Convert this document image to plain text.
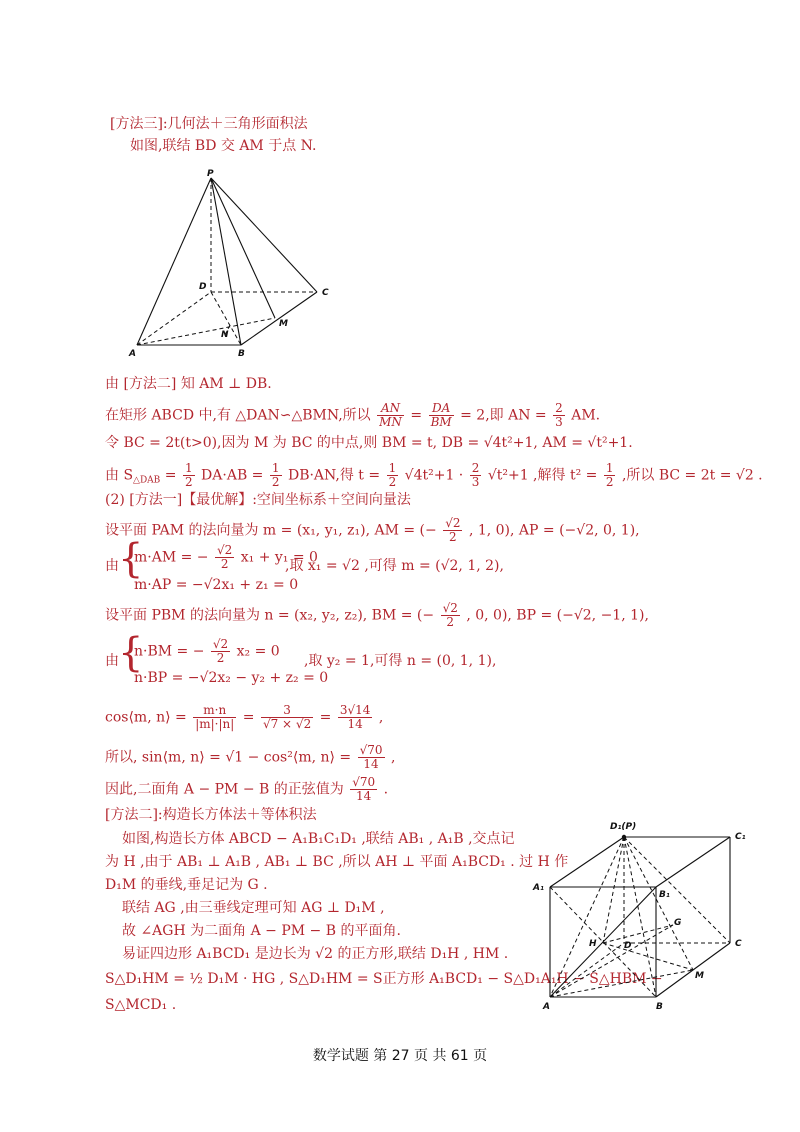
[方法三]:几何法＋三角形面积法
如图,联结 BD 交 AM 于点 N.
P
D
C
M
N
A	B
由 [方法二] 知 AM ⊥ DB.
在矩形 ABCD 中,有 △DAN∽△BMN,所以 $\frac{AN}{MN} = \frac{DA}{BM} = 2$,即 AN = $\frac{2}{3}$ AM.
令 BC = 2t(t>0),因为 M 为 BC 的中点,则 BM = t, DB = √4t²+1, AM = √t²+1.
由 $S_{\triangle DAB} = \frac{1}{2} DA\cdot AB = \frac{1}{2} DB\cdot AN$,得 $t = \frac{1}{2} √4t^2+1 \cdot \frac{2}{3} √t^2+1$ ,解得 $t^2 = \frac{1}{2}$ ,所以 BC = 2t = √2 .
(2) [方法一]【最优解】:空间坐标系＋空间向量法
设平面 PAM 的法向量为 m = (x₁, y₁, z₁), AM = (− $\frac{√2}{2}$ , 1, 0), AP = (−√2, 0, 1),
由 {
m·AM = − $\frac{√2}{2} x_1 + y_1 = 0$
m·AP = −√2x₁ + z₁ = 0
,取 x₁ = √2 ,可得 m = (√2, 1, 2),
设平面 PBM 的法向量为 n = (x₂, y₂, z₂), BM = (− $\frac{√2}{2}$ , 0, 0), BP = (−√2, −1, 1),
由 {
n·BM = − $\frac{√2}{2} x_2 = 0$
n·BP = −√2x₂ − y₂ + z₂ = 0
,取 y₂ = 1,可得 n = (0, 1, 1),
cos⟨m, n⟩ = $\frac{m\cdot n}{|m|\cdot|n|} = \frac{3}{√7 \times √2} = \frac{3√14}{14}$ ,
所以, sin⟨m, n⟩ = √1 − cos²⟨m, n⟩ = $\frac{√70}{14}$ ,
因此,二面角 A − PM − B 的正弦值为 $\frac{√70}{14}$ .
[方法二]:构造长方体法＋等体积法
如图,构造长方体 ABCD − A₁B₁C₁D₁ ,联结 AB₁ , A₁B ,交点记
为 H ,由于 AB₁ ⊥ A₁B , AB₁ ⊥ BC ,所以 AH ⊥ 平面 A₁BCD₁ . 过 H 作
D₁M 的垂线,垂足记为 G .
联结 AG ,由三垂线定理可知 AG ⊥ D₁M ,
故 ∠AGH 为二面角 A − PM − B 的平面角.
易证四边形 A₁BCD₁ 是边长为 √2 的正方形,联结 D₁H , HM .
S△D₁HM = ½ D₁M · HG , S△D₁HM = S正方形 A₁BCD₁ − S△D₁A₁H − S△HBM −
S△MCD₁ .
D₁(P)
C₁
A₁
B₁
G
H	D	C
M
A	B
数学试题 第 27 页 共 61 页
